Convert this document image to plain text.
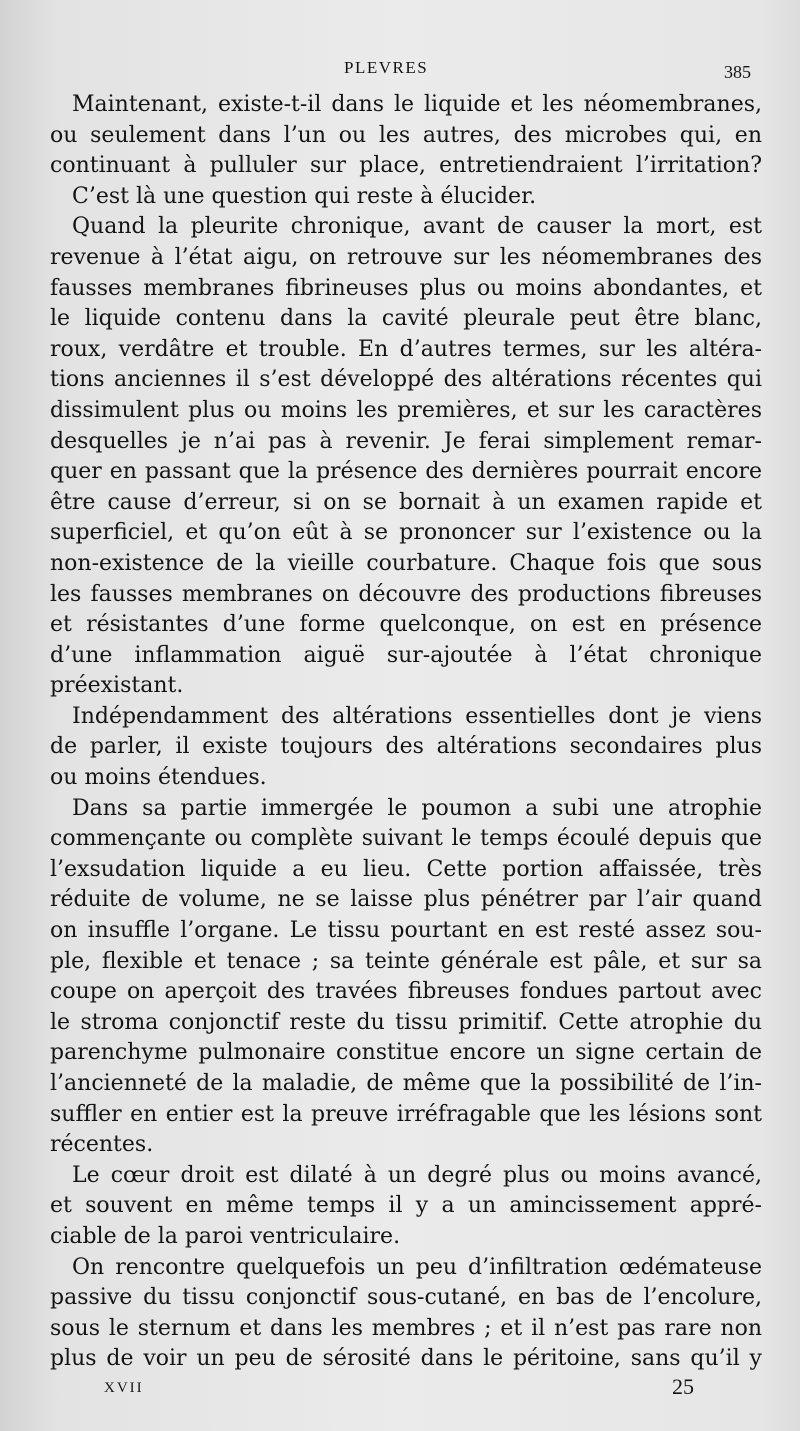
PLEVRES	385
Maintenant, existe-t-il dans le liquide et les néomembranes,
ou seulement dans l’un ou les autres, des microbes qui, en
continuant à pulluler sur place, entretiendraient l’irritation?
C’est là une question qui reste à élucider.
Quand la pleurite chronique, avant de causer la mort, est
revenue à l’état aigu, on retrouve sur les néomembranes des
fausses membranes fibrineuses plus ou moins abondantes, et
le liquide contenu dans la cavité pleurale peut être blanc,
roux, verdâtre et trouble. En d’autres termes, sur les altéra-
tions anciennes il s’est développé des altérations récentes qui
dissimulent plus ou moins les premières, et sur les caractères
desquelles je n’ai pas à revenir. Je ferai simplement remar-
quer en passant que la présence des dernières pourrait encore
être cause d’erreur, si on se bornait à un examen rapide et
superficiel, et qu’on eût à se prononcer sur l’existence ou la
non-existence de la vieille courbature. Chaque fois que sous
les fausses membranes on découvre des productions fibreuses
et résistantes d’une forme quelconque, on est en présence
d’une inflammation aiguë sur-ajoutée à l’état chronique
préexistant.
Indépendamment des altérations essentielles dont je viens
de parler, il existe toujours des altérations secondaires plus
ou moins étendues.
Dans sa partie immergée le poumon a subi une atrophie
commençante ou complète suivant le temps écoulé depuis que
l’exsudation liquide a eu lieu. Cette portion affaissée, très
réduite de volume, ne se laisse plus pénétrer par l’air quand
on insuffle l’organe. Le tissu pourtant en est resté assez sou-
ple, flexible et tenace ; sa teinte générale est pâle, et sur sa
coupe on aperçoit des travées fibreuses fondues partout avec
le stroma conjonctif reste du tissu primitif. Cette atrophie du
parenchyme pulmonaire constitue encore un signe certain de
l’ancienneté de la maladie, de même que la possibilité de l’in-
suffler en entier est la preuve irréfragable que les lésions sont
récentes.
Le cœur droit est dilaté à un degré plus ou moins avancé,
et souvent en même temps il y a un amincissement appré-
ciable de la paroi ventriculaire.
On rencontre quelquefois un peu d’infiltration œdémateuse
passive du tissu conjonctif sous-cutané, en bas de l’encolure,
sous le sternum et dans les membres ; et il n’est pas rare non
plus de voir un peu de sérosité dans le péritoine, sans qu’il y
XVII	25
